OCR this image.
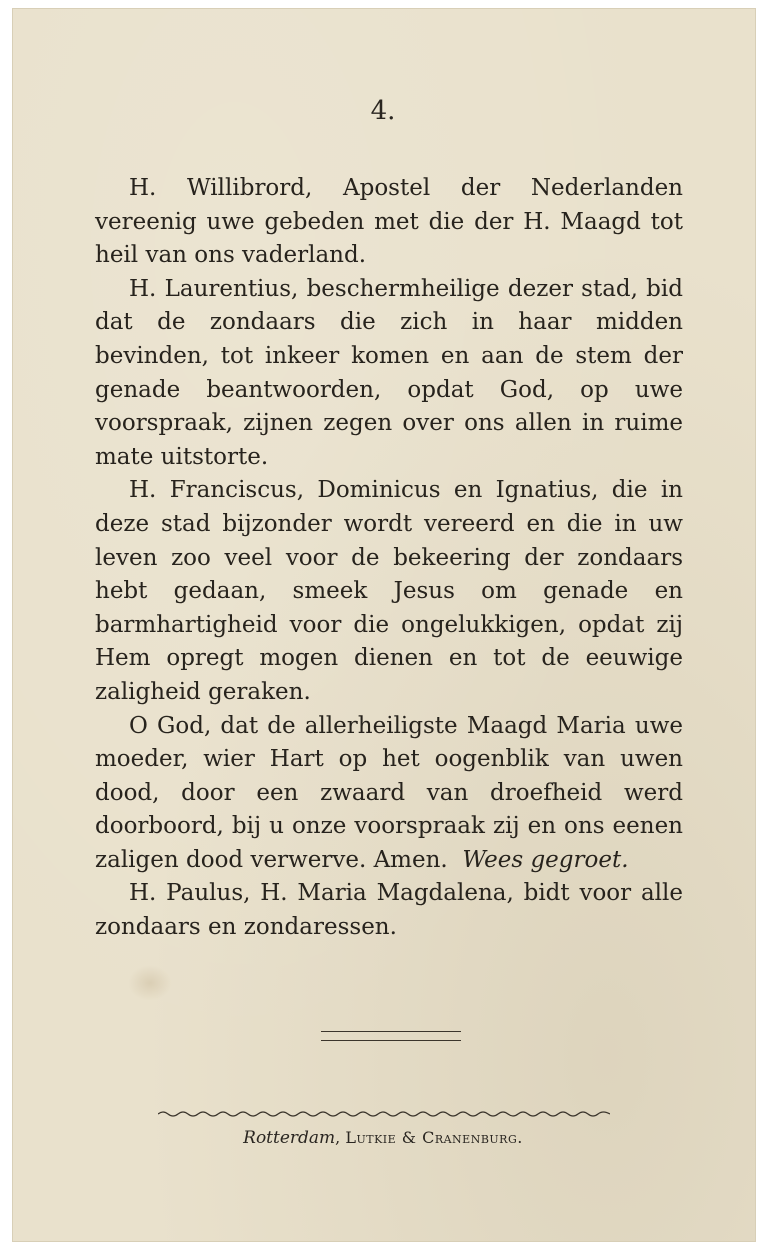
4.

H. Willibrord, Apostel der Nederlanden vereenig uwe gebeden met die der H. Maagd tot heil van ons vaderland.

H. Laurentius, beschermheilige dezer stad, bid dat de zondaars die zich in haar midden bevinden, tot inkeer komen en aan de stem der genade beantwoorden, opdat God, op uwe voorspraak, zijnen zegen over ons allen in ruime mate uitstorte.

H. Franciscus, Dominicus en Ignatius, die in deze stad bijzonder wordt vereerd en die in uw leven zoo veel voor de bekeering der zondaars hebt gedaan, smeek Jesus om genade en barmhartigheid voor die ongelukkigen, opdat zij Hem opregt mogen dienen en tot de eeuwige zaligheid geraken.

O God, dat de allerheiligste Maagd Maria uwe moeder, wier Hart op het oogenblik van uwen dood, door een zwaard van droefheid werd doorboord, bij u onze voorspraak zij en ons eenen zaligen dood verwerve. Amen. Wees gegroet.

H. Paulus, H. Maria Magdalena, bidt voor alle zondaars en zondaressen.

Rotterdam, Lutkie & Cranenburg.
